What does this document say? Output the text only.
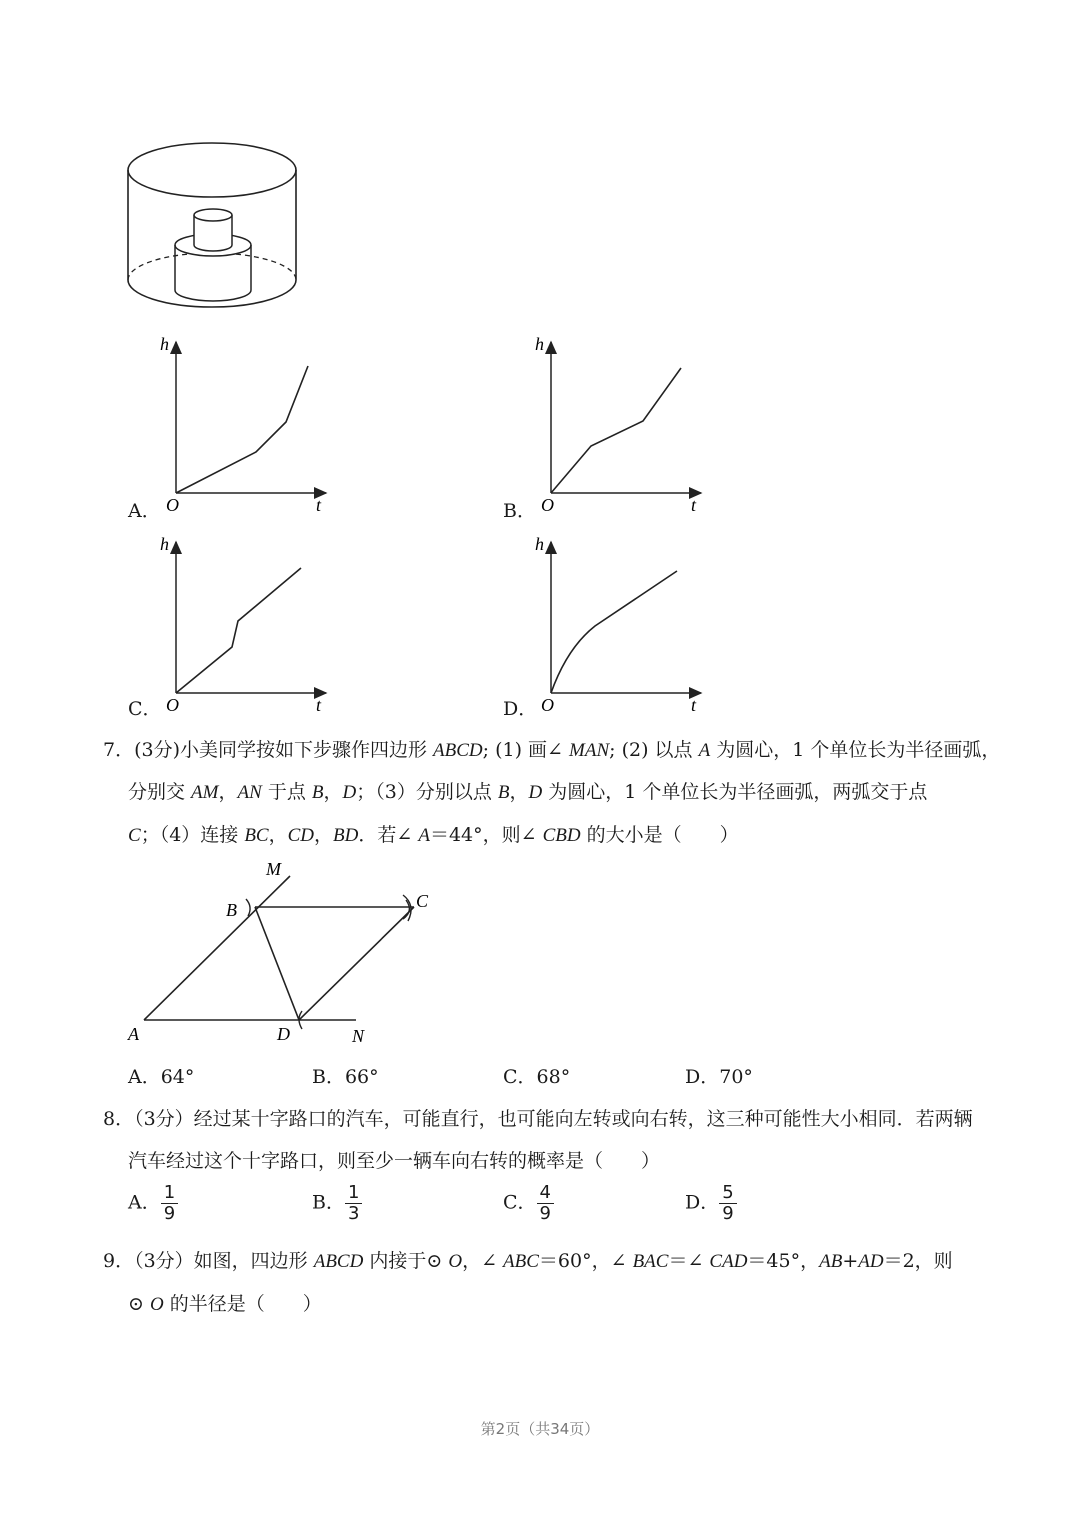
h
t
O
A．
h
t
O
B．
h
t
O
C．
h
t
O
D．
7．(3分)小美同学按如下步骤作四边形 ABCD; (1) 画∠ MAN; (2) 以点 A 为圆心，1 个单位长为半径画弧，
分别交 AM，AN 于点 B，D；（3）分别以点 B，D 为圆心，1 个单位长为半径画弧，两弧交于点
C；（4）连接 BC，CD，BD．若∠ A＝44°，则∠ CBD 的大小是（　　）
M
B	C
A	D	N
A．64°	B．66°	C．68°	D．70°
8．（3分）经过某十字路口的汽车，可能直行，也可能向左转或向右转，这三种可能性大小相同．若两辆
汽车经过这个十字路口，则至少一辆车向右转的概率是（　　）
A． $\frac{1}{9}$	B． $\frac{1}{3}$	C． $\frac{4}{9}$	D． $\frac{5}{9}$
9．（3分）如图，四边形 ABCD 内接于⊙ O，∠ ABC＝60°，∠ BAC＝∠ CAD＝45°，AB+AD＝2，则
⊙ O 的半径是（　　）
第2页（共34页）
